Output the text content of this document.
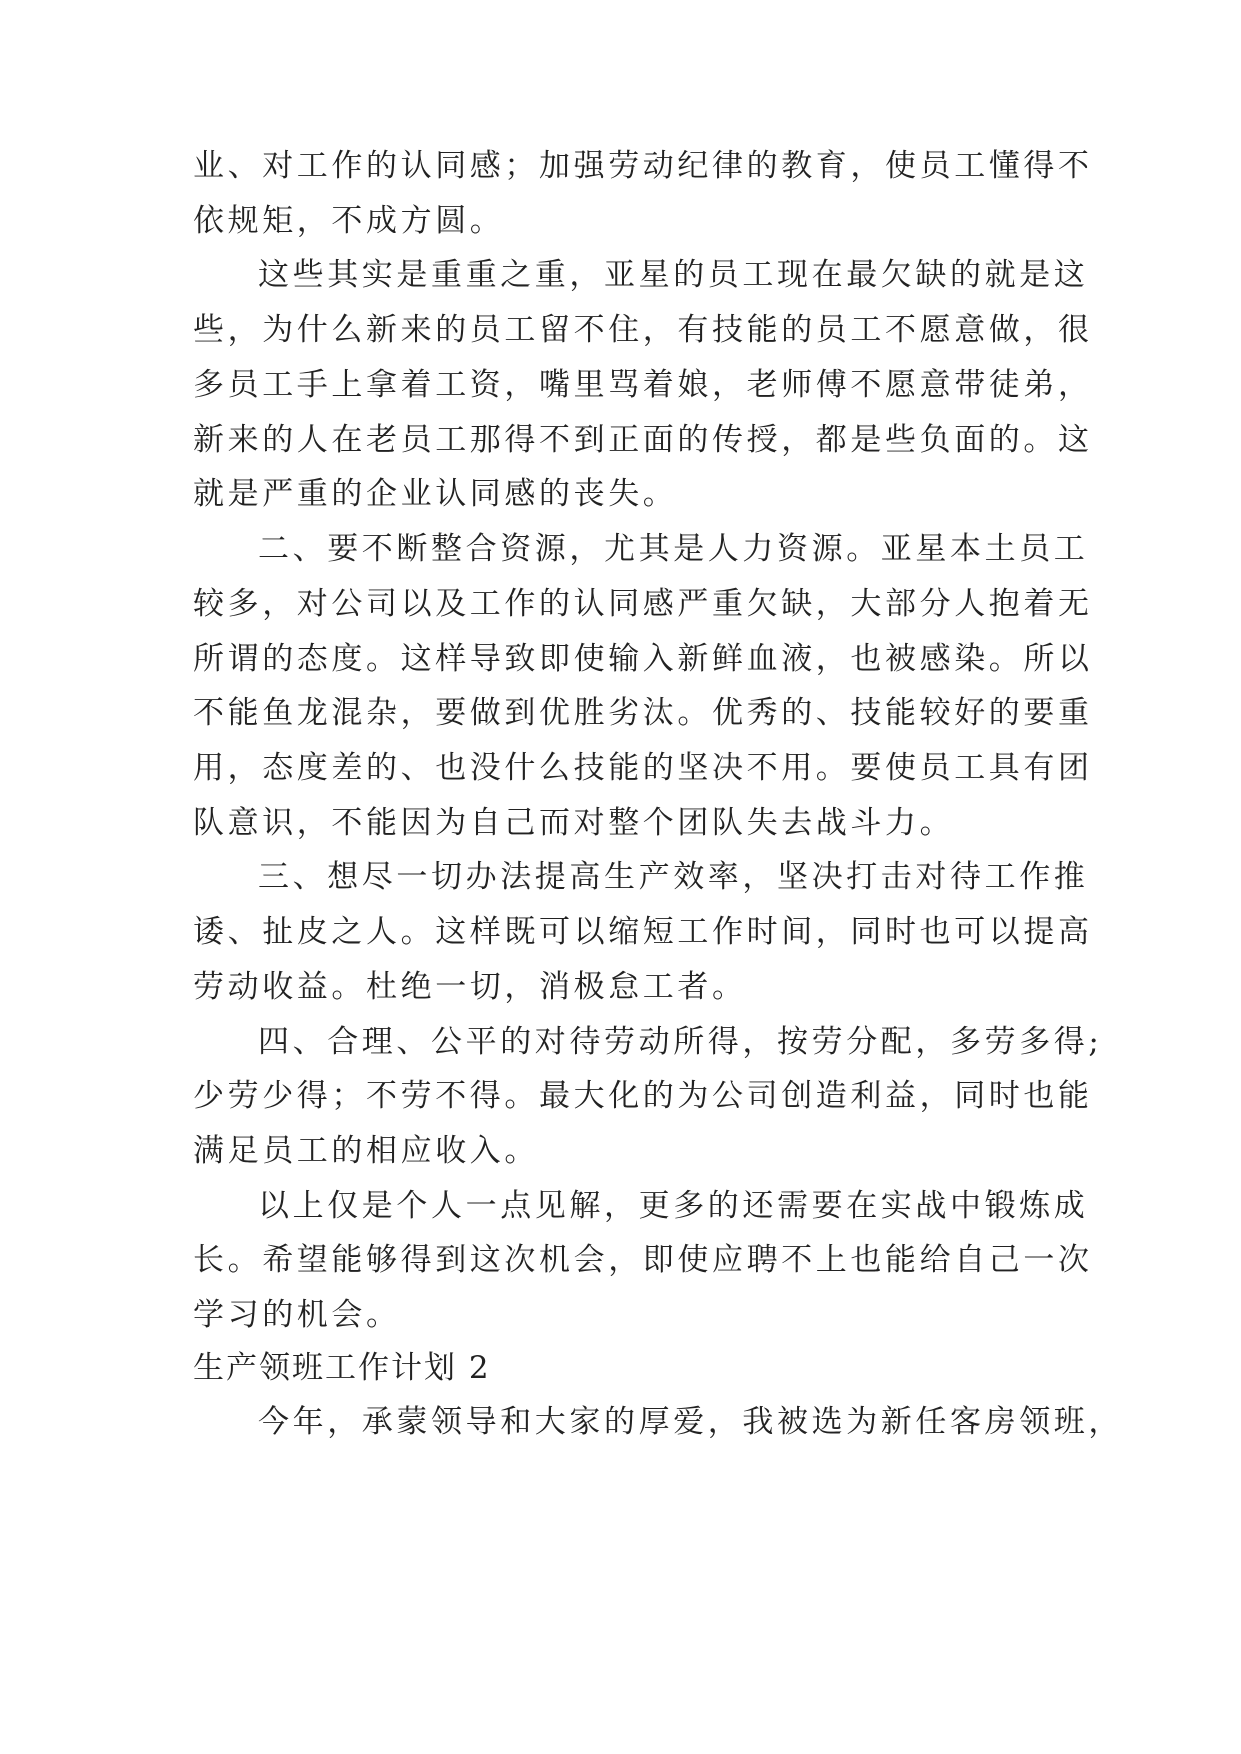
业、对工作的认同感；加强劳动纪律的教育，使员工懂得不
依规矩，不成方圆。
这些其实是重重之重，亚星的员工现在最欠缺的就是这
些，为什么新来的员工留不住，有技能的员工不愿意做，很
多员工手上拿着工资，嘴里骂着娘，老师傅不愿意带徒弟，
新来的人在老员工那得不到正面的传授，都是些负面的。这
就是严重的企业认同感的丧失。
二、要不断整合资源，尤其是人力资源。亚星本土员工
较多，对公司以及工作的认同感严重欠缺，大部分人抱着无
所谓的态度。这样导致即使输入新鲜血液，也被感染。所以
不能鱼龙混杂，要做到优胜劣汰。优秀的、技能较好的要重
用，态度差的、也没什么技能的坚决不用。要使员工具有团
队意识，不能因为自己而对整个团队失去战斗力。
三、想尽一切办法提高生产效率，坚决打击对待工作推
诿、扯皮之人。这样既可以缩短工作时间，同时也可以提高
劳动收益。杜绝一切，消极怠工者。
四、合理、公平的对待劳动所得，按劳分配，多劳多得;
少劳少得；不劳不得。最大化的为公司创造利益，同时也能
满足员工的相应收入。
以上仅是个人一点见解，更多的还需要在实战中锻炼成
长。希望能够得到这次机会，即使应聘不上也能给自己一次
学习的机会。
生产领班工作计划 2
今年，承蒙领导和大家的厚爱，我被选为新任客房领班，
